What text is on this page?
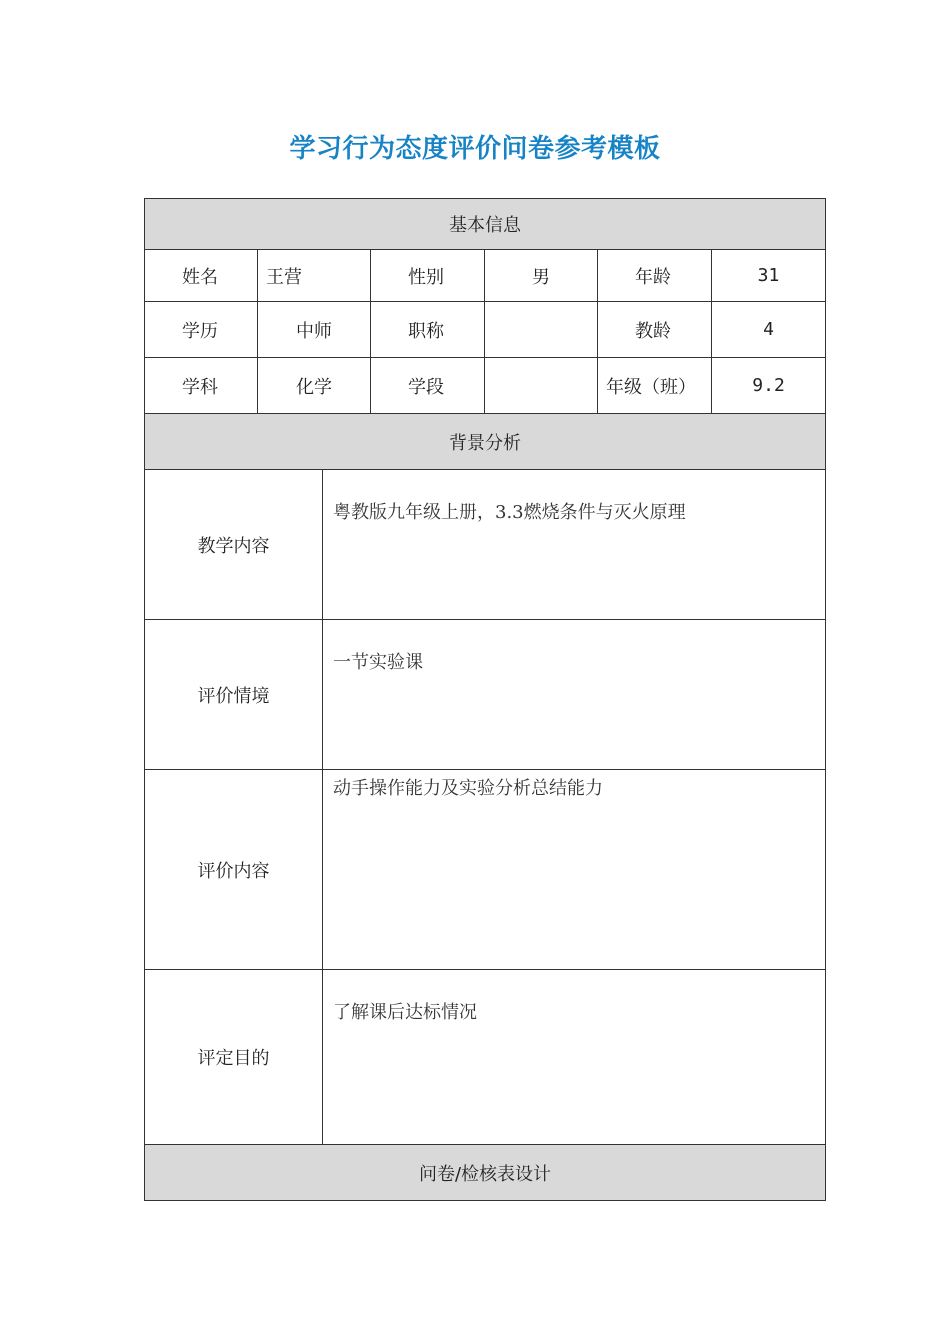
学习行为态度评价问卷参考模板
基本信息						
姓名	王营		性别	男	年龄	31
学历	中师		职称		教龄	4
学科	化学		学段		年级（班）	9.2
背景分析						
教学内容		粤教版九年级上册，3.3燃烧条件与灭火原理				
评价情境		一节实验课				
评价内容		动手操作能力及实验分析总结能力				
评定目的		了解课后达标情况				
问卷/检核表设计						
